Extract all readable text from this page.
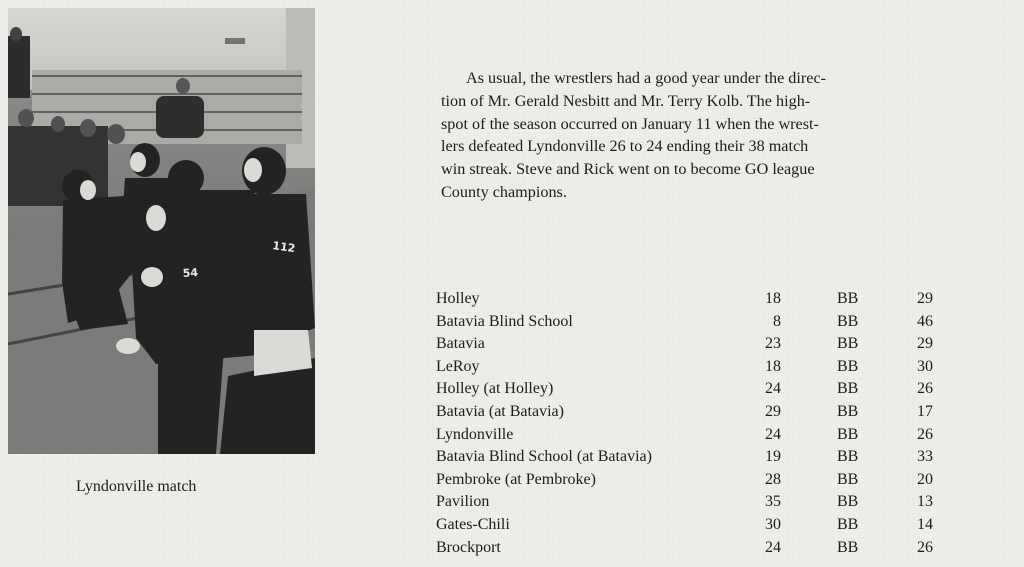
112
54
Lyndonville match
As usual, the wrestlers had a good year under the direc-
tion of Mr. Gerald Nesbitt and Mr. Terry Kolb. The high-
spot of the season occurred on January 11 when the wrest-
lers defeated Lyndonville 26 to 24 ending their 38 match
win streak. Steve and Rick went on to become GO league
County champions.
Holley	18	BB	29
Batavia Blind School	8	BB	46
Batavia	23	BB	29
LeRoy	18	BB	30
Holley (at Holley)	24	BB	26
Batavia (at Batavia)	29	BB	17
Lyndonville	24	BB	26
Batavia Blind School (at Batavia)	19	BB	33
Pembroke (at Pembroke)	28	BB	20
Pavilion	35	BB	13
Gates-Chili	30	BB	14
Brockport	24	BB	26
